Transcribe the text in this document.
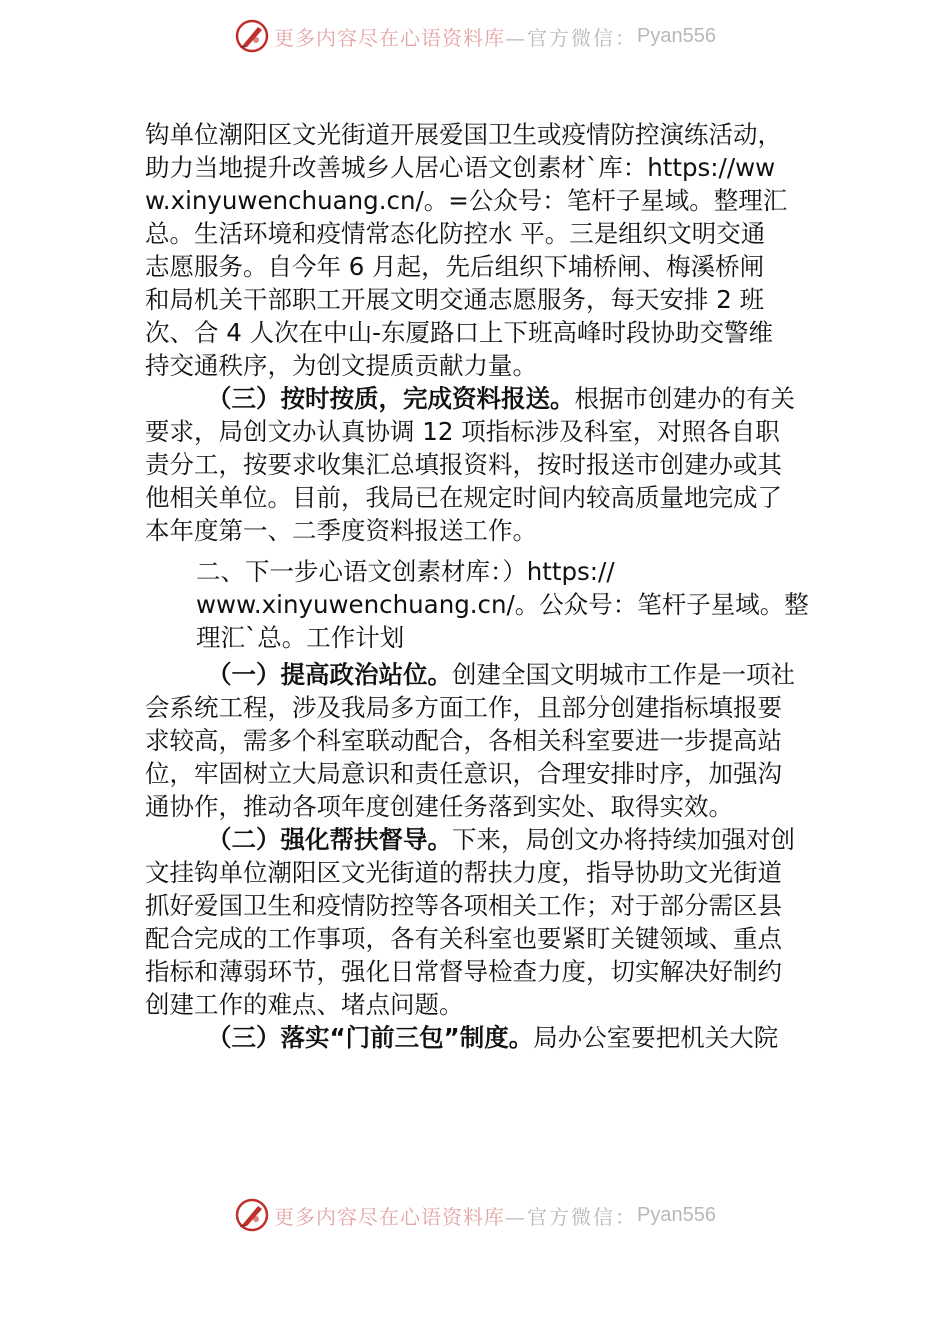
更多内容尽在心语资料库 —官方微信： Pyan556
钩单位潮阳区文光街道开展爱国卫生或疫情防控演练活动，
助力当地提升改善城乡人居心语文创素材`库：https://ww
w.xinyuwenchuang.cn/。=公众号：笔杆子星域。整理汇
总。生活环境和疫情常态化防控水 平。三是组织文明交通
志愿服务。自今年 6 月起，先后组织下埔桥闸、梅溪桥闸
和局机关干部职工开展文明交通志愿服务，每天安排 2 班
次、合 4 人次在中山-东厦路口上下班高峰时段协助交警维
持交通秩序，为创文提质贡献力量。
（三）按时按质，完成资料报送。根据市创建办的有关
要求，局创文办认真协调 12 项指标涉及科室，对照各自职
责分工，按要求收集汇总填报资料，按时报送市创建办或其
他相关单位。目前，我局已在规定时间内较高质量地完成了
本年度第一、二季度资料报送工作。
二、下一步心语文创素材库：）https://
www.xinyuwenchuang.cn/。公众号：笔杆子星域。整
理汇`总。工作计划
（一）提高政治站位。创建全国文明城市工作是一项社
会系统工程，涉及我局多方面工作，且部分创建指标填报要
求较高，需多个科室联动配合，各相关科室要进一步提高站
位，牢固树立大局意识和责任意识，合理安排时序，加强沟
通协作，推动各项年度创建任务落到实处、取得实效。
（二）强化帮扶督导。下来，局创文办将持续加强对创
文挂钩单位潮阳区文光街道的帮扶力度，指导协助文光街道
抓好爱国卫生和疫情防控等各项相关工作；对于部分需区县
配合完成的工作事项，各有关科室也要紧盯关键领域、重点
指标和薄弱环节，强化日常督导检查力度，切实解决好制约
创建工作的难点、堵点问题。
（三）落实“门前三包”制度。局办公室要把机关大院
更多内容尽在心语资料库 —官方微信： Pyan556
